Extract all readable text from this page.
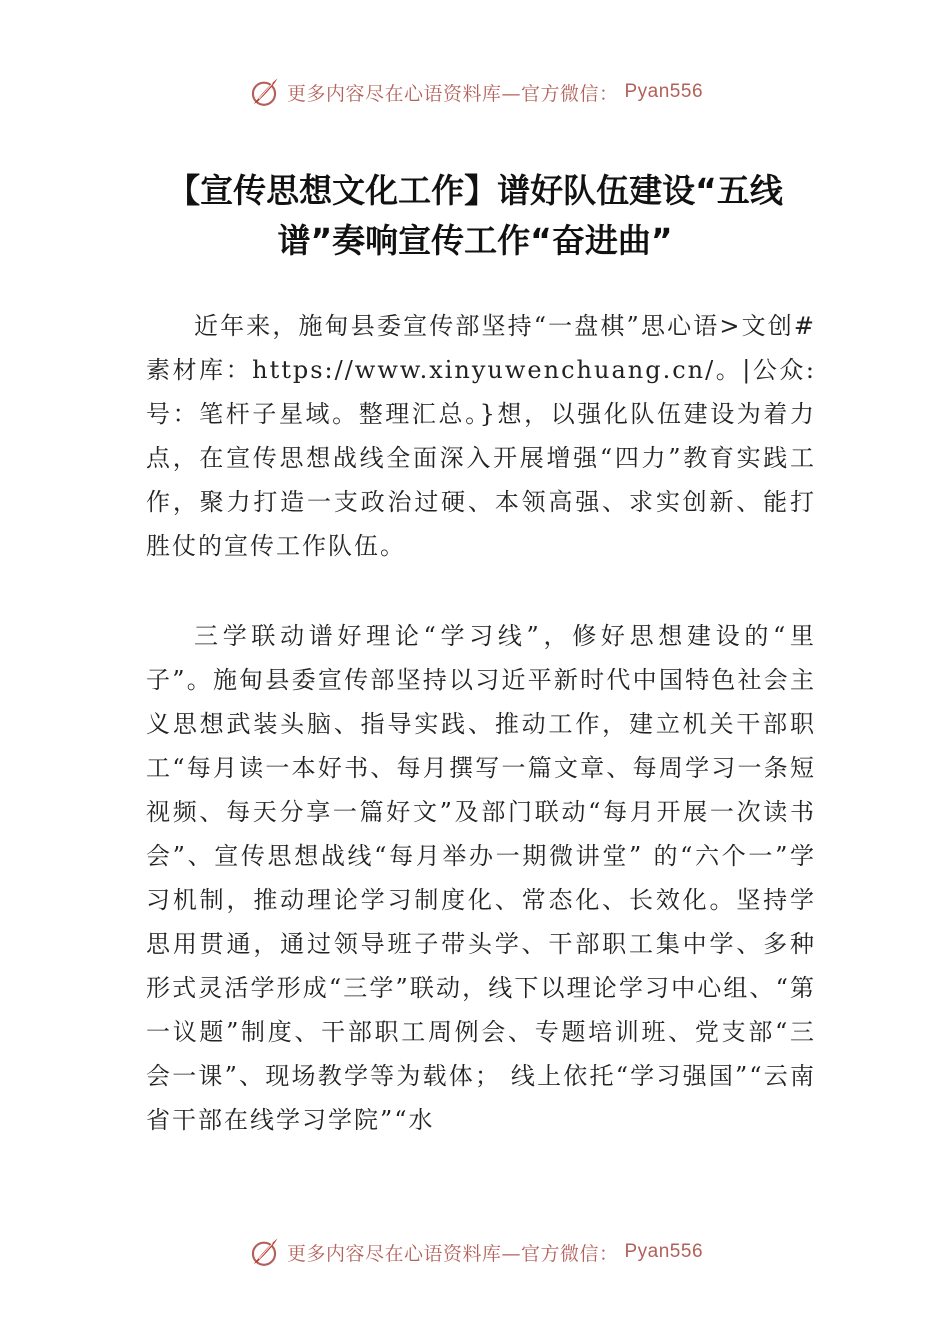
更多内容尽在心语资料库—官方微信： Pyan556
【宣传思想文化工作】谱好队伍建设“五线谱”奏响宣传工作“奋进曲”

近年来，施甸县委宣传部坚持“一盘棋”思心语>文创#素材库：https://www.xinyuwenchuang.cn/。|公众:号：笔杆子星域。整理汇总。}想，以强化队伍建设为着力点，在宣传思想战线全面深入开展增强“四力”教育实践工作，聚力打造一支政治过硬、本领高强、求实创新、能打胜仗的宣传工作队伍。

三学联动谱好理论“学习线”，修好思想建设的“里子”。施甸县委宣传部坚持以习近平新时代中国特色社会主义思想武装头脑、指导实践、推动工作，建立机关干部职工“每月读一本好书、每月撰写一篇文章、每周学习一条短视频、每天分享一篇好文”及部门联动“每月开展一次读书会”、宣传思想战线“每月举办一期微讲堂” 的“六个一”学习机制，推动理论学习制度化、常态化、长效化。坚持学思用贯通，通过领导班子带头学、干部职工集中学、多种形式灵活学形成“三学”联动，线下以理论学习中心组、“第一议题”制度、干部职工周例会、专题培训班、党支部“三会一课”、现场教学等为载体； 线上依托“学习强国”“云南省干部在线学习学院”“水

更多内容尽在心语资料库—官方微信： Pyan556
